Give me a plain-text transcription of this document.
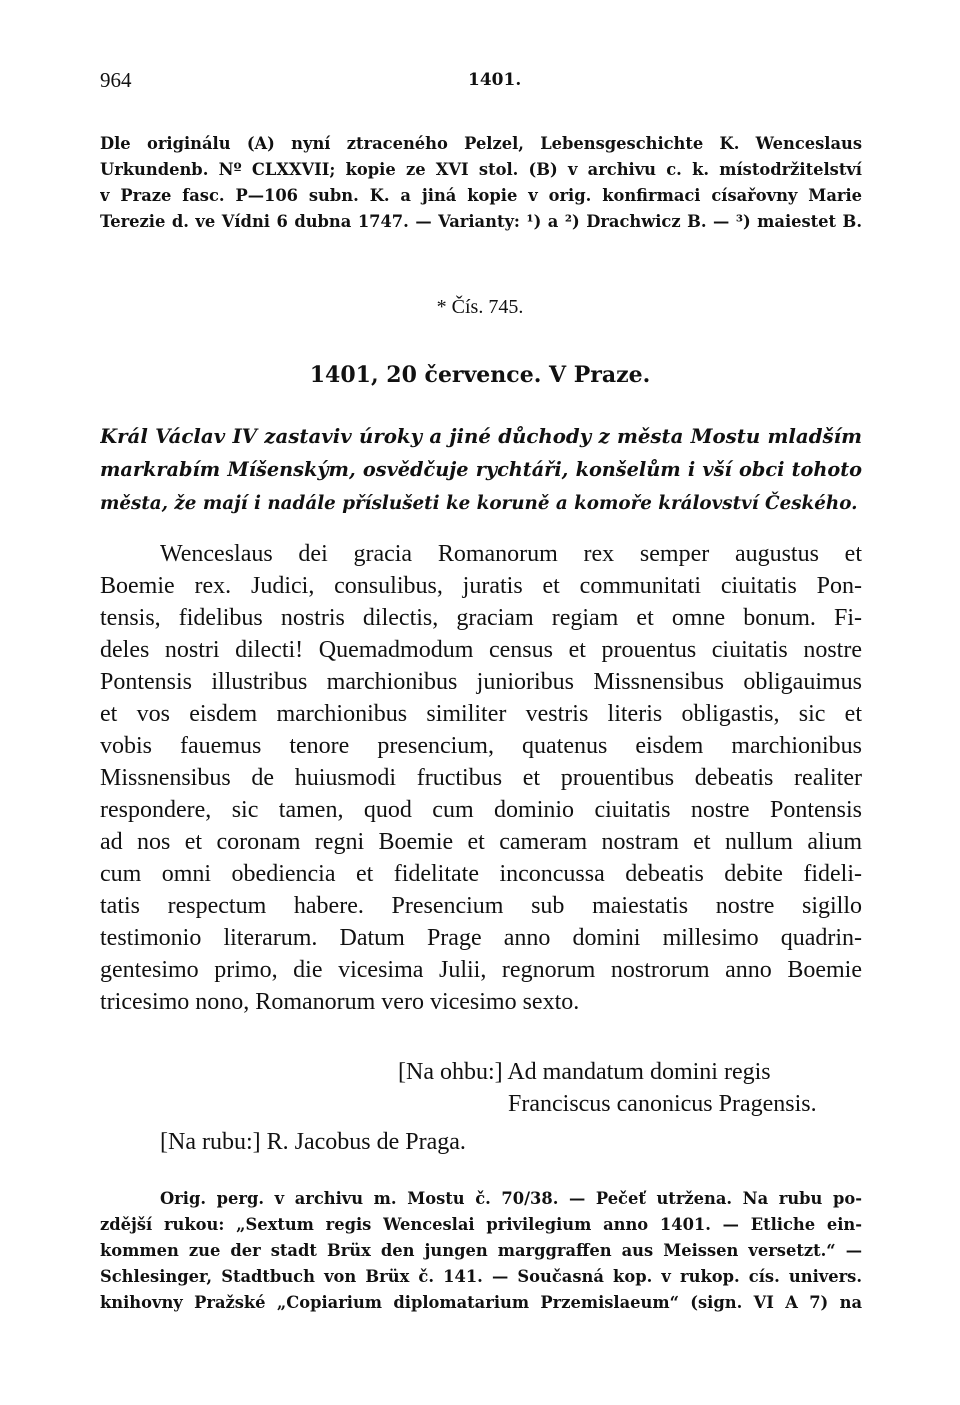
964	1401.
Dle originálu (A) nyní ztraceného Pelzel, Lebensgeschichte K. Wenceslaus
Urkundenb. Nº CLXXVII; kopie ze XVI stol. (B) v archivu c. k. místodržitelství
v Praze fasc. P—106 subn. K. a jiná kopie v orig. konfirmaci císařovny Marie
Terezie d. ve Vídni 6 dubna 1747. — Varianty: ¹) a ²) Drachwicz B. — ³) maiestet B.
* Čís. 745.
1401, 20 července. V Praze.
Král Václav IV zastaviv úroky a jiné důchody z města Mostu mladším
markrabím Míšenským, osvědčuje rychtáři, konšelům i vší obci tohoto
města, že mají i nadále příslušeti ke koruně a komoře království Českého.
Wenceslaus dei gracia Romanorum rex semper augustus et
Boemie rex. Judici, consulibus, juratis et communitati ciuitatis Pon-
tensis, fidelibus nostris dilectis, graciam regiam et omne bonum. Fi-
deles nostri dilecti! Quemadmodum census et prouentus ciuitatis nostre
Pontensis illustribus marchionibus junioribus Missnensibus obligauimus
et vos eisdem marchionibus similiter vestris literis obligastis, sic et
vobis fauemus tenore presencium, quatenus eisdem marchionibus
Missnensibus de huiusmodi fructibus et prouentibus debeatis realiter
respondere, sic tamen, quod cum dominio ciuitatis nostre Pontensis
ad nos et coronam regni Boemie et cameram nostram et nullum alium
cum omni obediencia et fidelitate inconcussa debeatis debite fideli-
tatis respectum habere. Presencium sub maiestatis nostre sigillo
testimonio literarum. Datum Prage anno domini millesimo quadrin-
gentesimo primo, die vicesima Julii, regnorum nostrorum anno Boemie
tricesimo nono, Romanorum vero vicesimo sexto.
[Na ohbu:] Ad mandatum domini regis
Franciscus canonicus Pragensis.
[Na rubu:] R. Jacobus de Praga.
Orig. perg. v archivu m. Mostu č. 70/38. — Pečeť utržena. Na rubu po-
zdější rukou: „Sextum regis Wenceslai privilegium anno 1401. — Etliche ein-
kommen zue der stadt Brüx den jungen marggraffen aus Meissen versetzt.“ —
Schlesinger, Stadtbuch von Brüx č. 141. — Současná kop. v rukop. cís. univers.
knihovny Pražské „Copiarium diplomatarium Przemislaeum“ (sign. VI A 7) na
